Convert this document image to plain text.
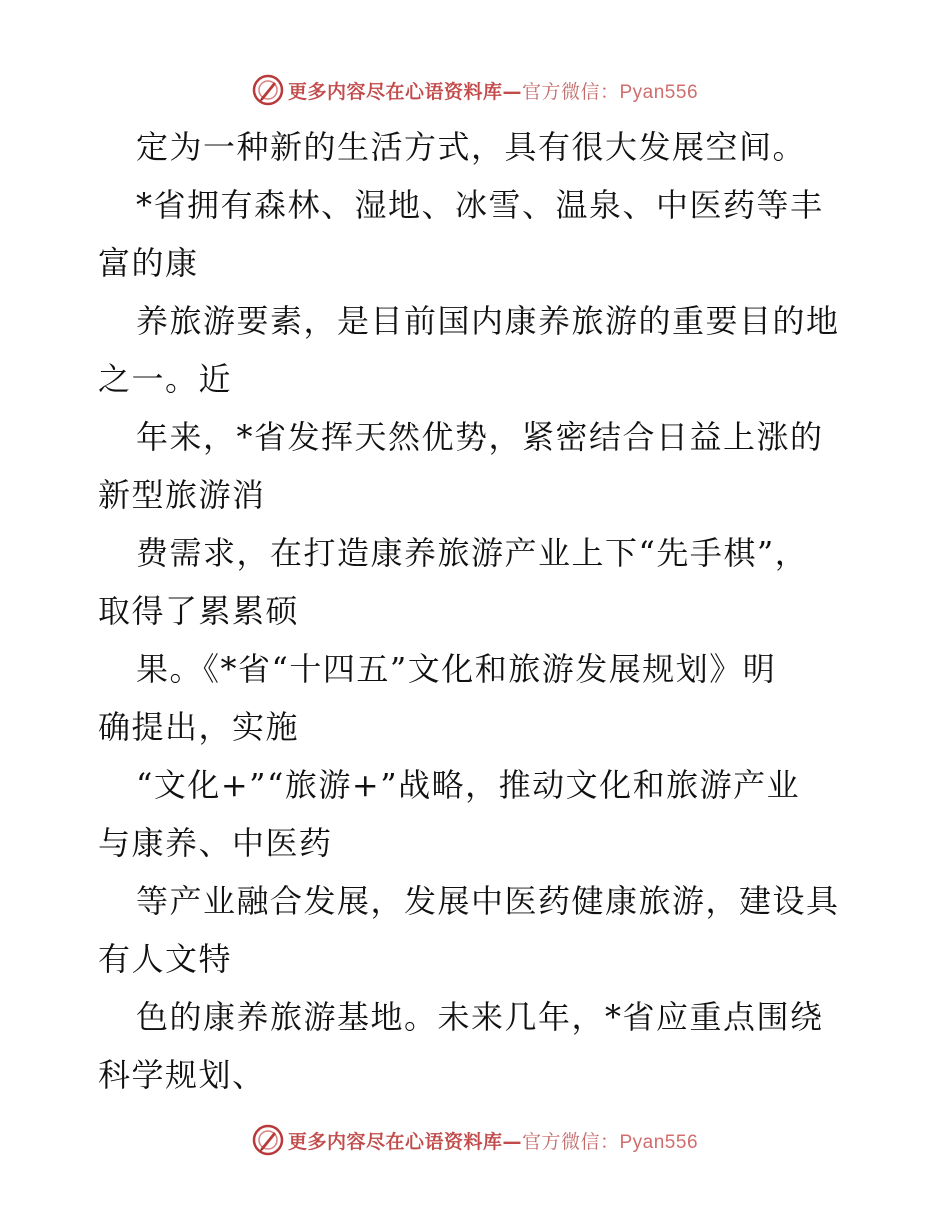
更多内容尽在心语资料库—官方微信：Pyan556
定为一种新的生活方式，具有很大发展空间。
*省拥有森林、湿地、冰雪、温泉、中医药等丰
富的康
养旅游要素，是目前国内康养旅游的重要目的地
之一。近
年来，*省发挥天然优势，紧密结合日益上涨的
新型旅游消
费需求，在打造康养旅游产业上下“先手棋”，
取得了累累硕
果。《*省“十四五”文化和旅游发展规划》明
确提出，实施
“文化+”“旅游+”战略，推动文化和旅游产业
与康养、中医药
等产业融合发展，发展中医药健康旅游，建设具
有人文特
色的康养旅游基地。未来几年，*省应重点围绕
科学规划、
更多内容尽在心语资料库—官方微信：Pyan556
